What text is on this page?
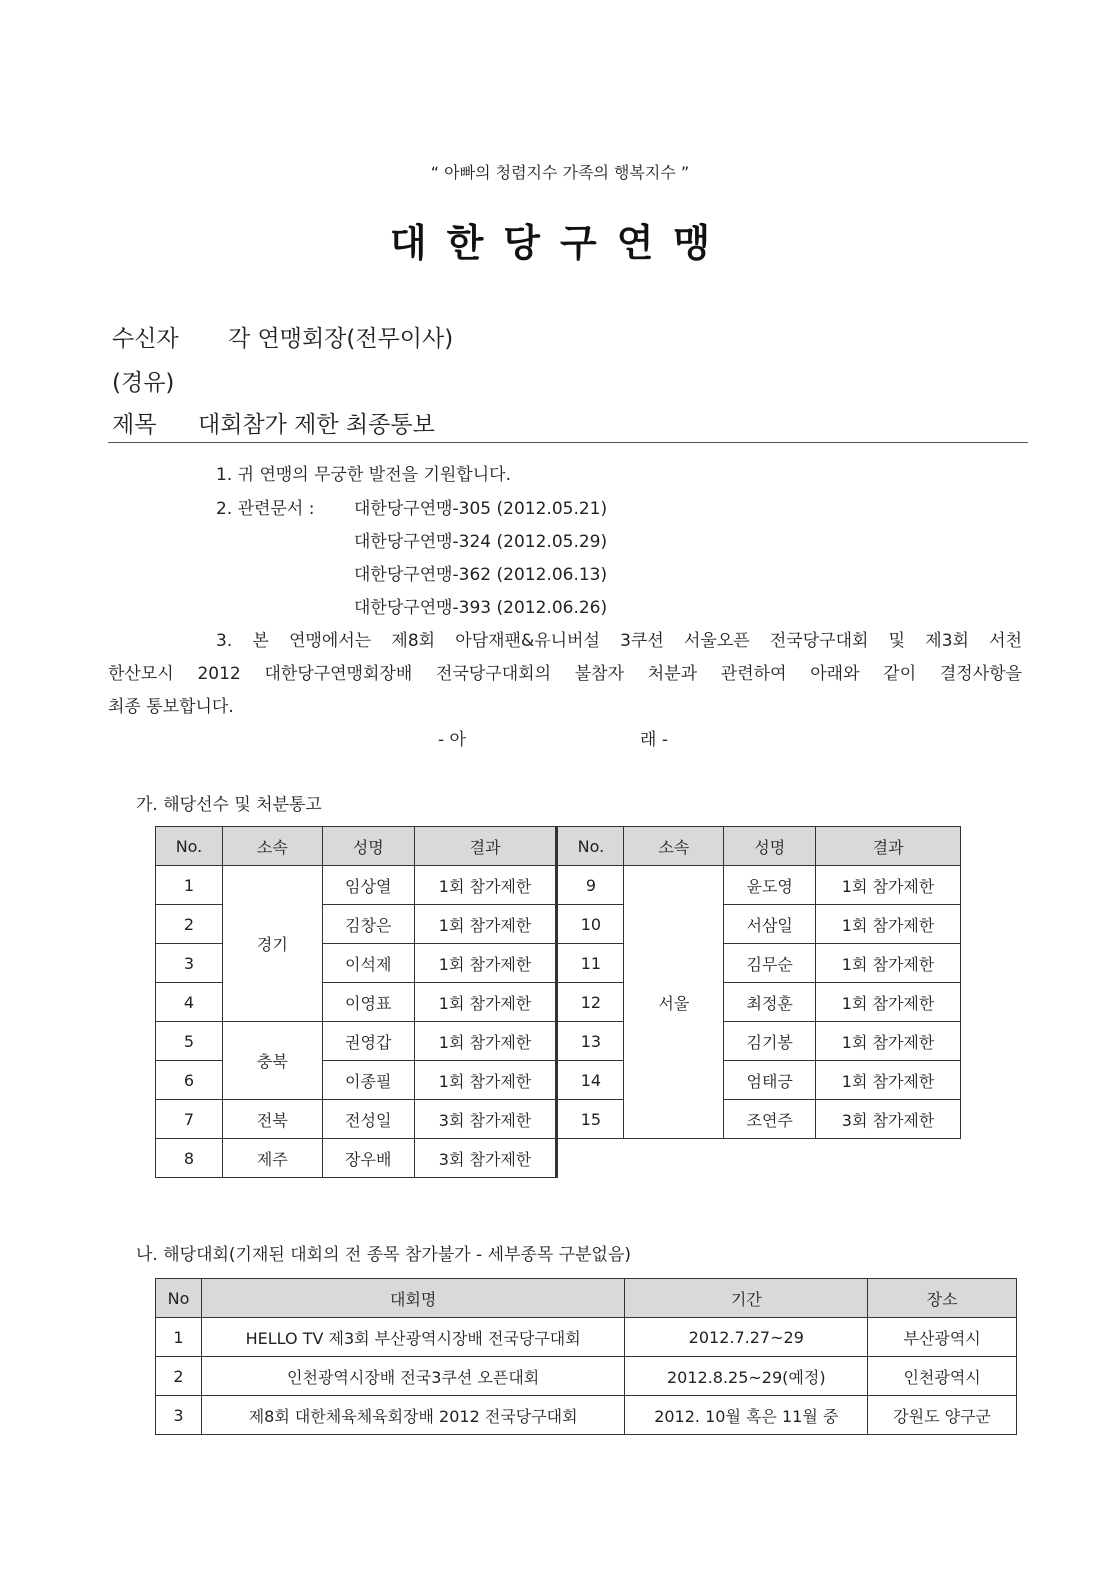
“ 아빠의 청렴지수 가족의 행복지수 ”
대한당구연맹
수신자 각 연맹회장(전무이사)
(경유)
제목 대회참가 제한 최종통보
1. 귀 연맹의 무궁한 발전을 기원합니다.
2. 관련문서 : 대한당구연맹-305 (2012.05.21)
대한당구연맹-324 (2012.05.29)
대한당구연맹-362 (2012.06.13)
대한당구연맹-393 (2012.06.26)
3. 본 연맹에서는 제8회 아담재팬&유니버설 3쿠션 서울오픈 전국당구대회 및 제3회 서천
한산모시 2012 대한당구연맹회장배 전국당구대회의 불참자 처분과 관련하여 아래와 같이 결정사항을
최종 통보합니다.
- 아	래 -
가. 해당선수 및 처분통고
No.	소속	성명	결과	No.	소속	성명	결과
1	경기	임상열	1회 참가제한	9	서울	윤도영	1회 참가제한
2		김창은	1회 참가제한	10		서삼일	1회 참가제한
3		이석제	1회 참가제한	11		김무순	1회 참가제한
4		이영표	1회 참가제한	12		최정훈	1회 참가제한
5	충북	권영갑	1회 참가제한	13		김기봉	1회 참가제한
6		이종필	1회 참가제한	14		엄태긍	1회 참가제한
7	전북	전성일	3회 참가제한	15		조연주	3회 참가제한
8	제주	장우배	3회 참가제한				
나. 해당대회(기재된 대회의 전 종목 참가불가 - 세부종목 구분없음)
No	대회명	기간	장소
1	HELLO TV 제3회 부산광역시장배 전국당구대회	2012.7.27~29	부산광역시
2	인천광역시장배 전국3쿠션 오픈대회	2012.8.25~29(예정)	인천광역시
3	제8회 대한체육체육회장배 2012 전국당구대회	2012. 10월 혹은 11월 중	강원도 양구군
